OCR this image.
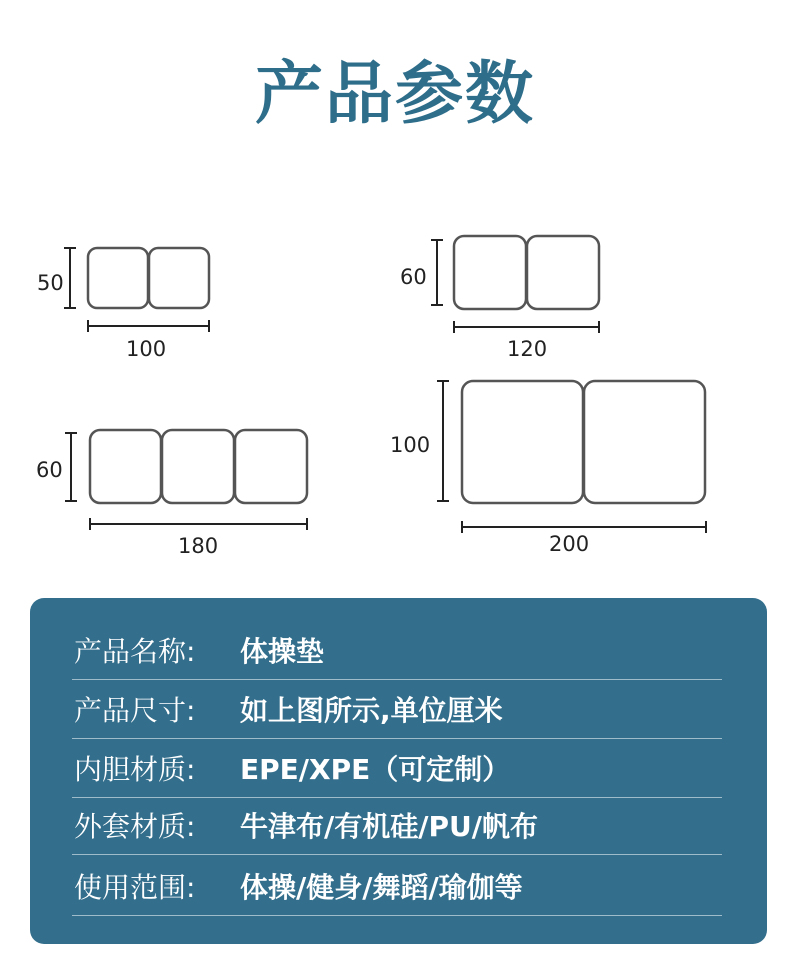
产品参数
50
100
60
120
60
180
100
200
产品名称:	体操垫
产品尺寸:	如上图所示,单位厘米
内胆材质:	EPE/XPE（可定制）
外套材质:	牛津布/有机硅/PU/帆布
使用范围:	体操/健身/舞蹈/瑜伽等
